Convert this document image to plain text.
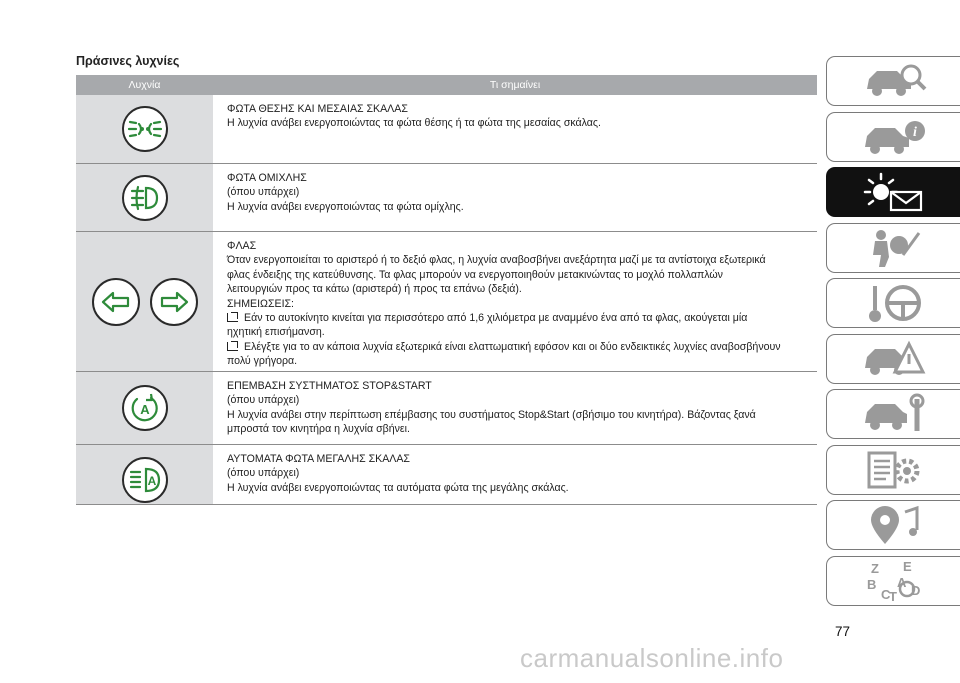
Πράσινες λυχνίες
Λυχνία	Τι σημαίνει
ΦΩΤΑ ΘΕΣΗΣ ΚΑΙ ΜΕΣΑΙΑΣ ΣΚΑΛΑΣ
Η λυχνία ανάβει ενεργοποιώντας τα φώτα θέσης ή τα φώτα της μεσαίας σκάλας.
ΦΩΤΑ ΟΜΙΧΛΗΣ
(όπου υπάρχει)
Η λυχνία ανάβει ενεργοποιώντας τα φώτα ομίχλης.
ΦΛΑΣ
Όταν ενεργοποιείται το αριστερό ή το δεξιό φλας, η λυχνία αναβοσβήνει ανεξάρτητα μαζί με τα αντίστοιχα εξωτερικά
φλας ένδειξης της κατεύθυνσης. Τα φλας μπορούν να ενεργοποιηθούν μετακινώντας το μοχλό πολλαπλών
λειτουργιών προς τα κάτω (αριστερά) ή προς τα επάνω (δεξιά).
ΣΗΜΕΙΩΣΕΙΣ:
Εάν το αυτοκίνητο κινείται για περισσότερο από 1,6 χιλιόμετρα με αναμμένο ένα από τα φλας, ακούγεται μία
ηχητική επισήμανση.
Ελέγξτε για το αν κάποια λυχνία εξωτερικά είναι ελαττωματική εφόσον και οι δύο ενδεικτικές λυχνίες αναβοσβήνουν
πολύ γρήγορα.
A
ΕΠΕΜΒΑΣΗ ΣΥΣΤΗΜΑΤΟΣ STOP&START
(όπου υπάρχει)
Η λυχνία ανάβει στην περίπτωση επέμβασης του συστήματος Stop&Start (σβήσιμο του κινητήρα). Βάζοντας ξανά
μπροστά τον κινητήρα η λυχνία σβήνει.
A
ΑΥΤΟΜΑΤΑ ΦΩΤΑ ΜΕΓΑΛΗΣ ΣΚΑΛΑΣ
(όπου υπάρχει)
Η λυχνία ανάβει ενεργοποιώντας τα αυτόματα φώτα της μεγάλης σκάλας.
i
Z E
B A
C
T D
77
carmanualsonline.info
